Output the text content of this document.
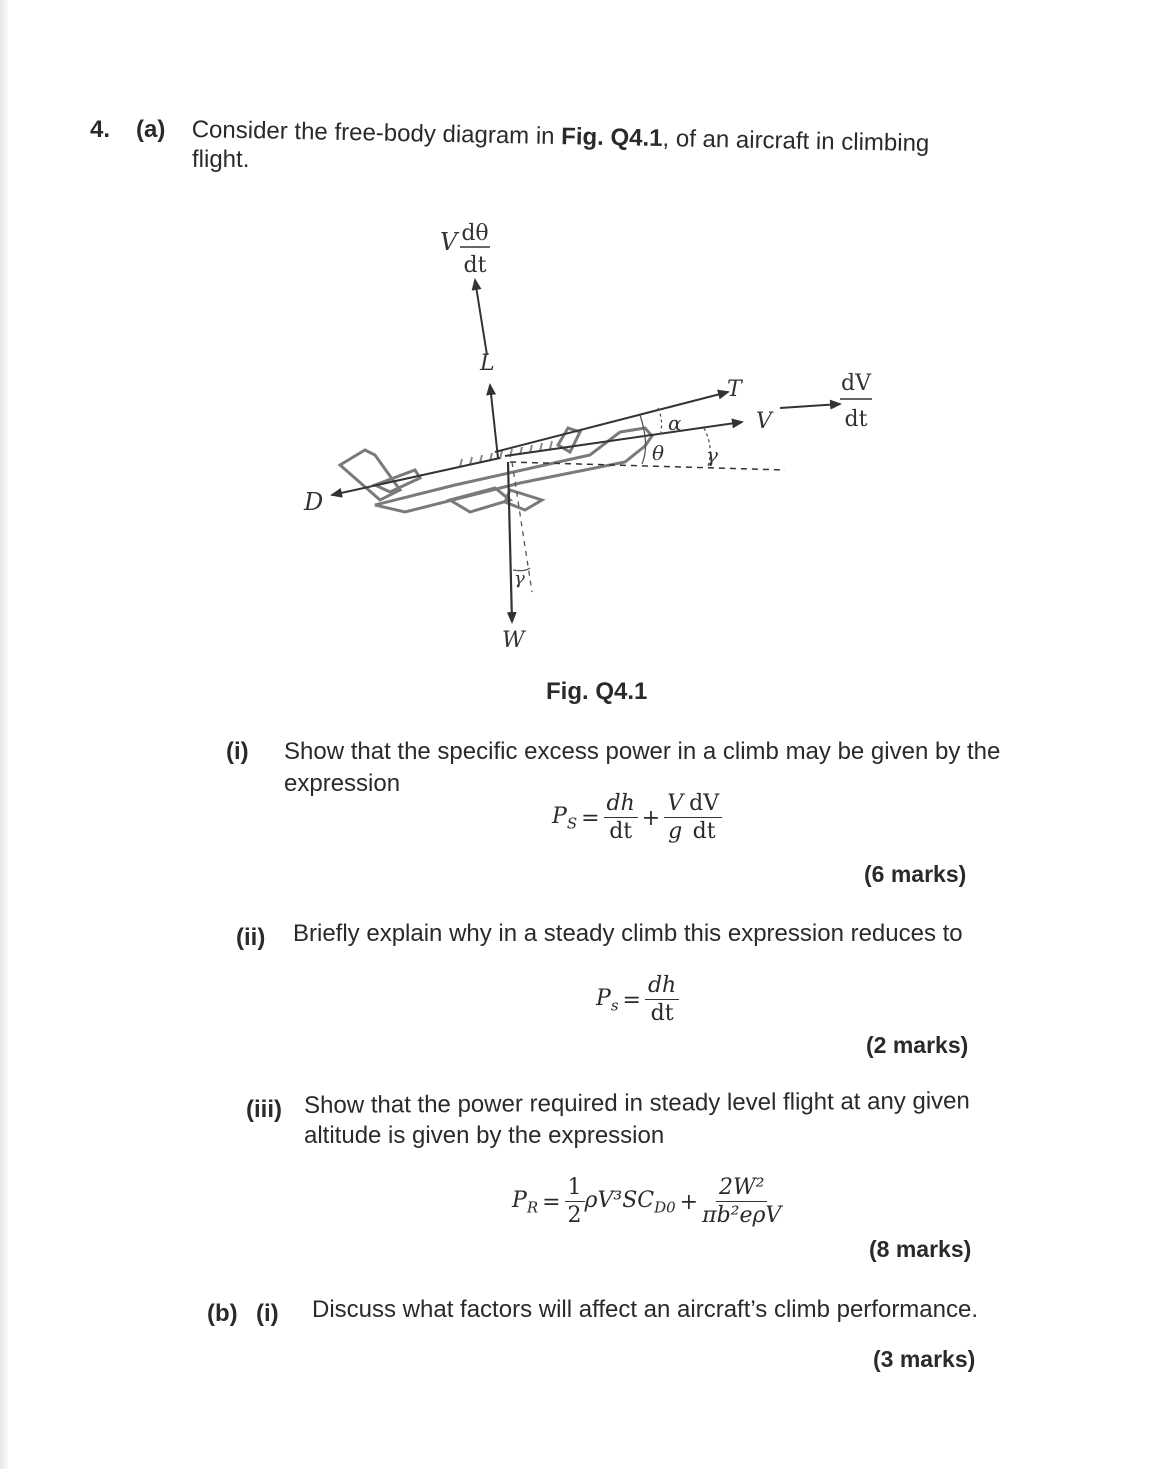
4. (a) Consider the free-body diagram in Fig. Q4.1, of an aircraft in climbing
flight.
V dθ
dt
L
T
V
dV
dt
α
θ γ
γ
D
W
Fig. Q4.1
(i) Show that the specific excess power in a climb may be given by the
expression
$P_S = \frac{dh}{dt} + \frac{V}{g} \frac{dV}{dt}$
(6 marks)
(ii) Briefly explain why in a steady climb this expression reduces to
$P_s = \frac{dh}{dt}$
(2 marks)
(iii) Show that the power required in steady level flight at any given
altitude is given by the expression
$P_R = \frac{1}{2} \rho V^3SC_{D0} + \frac{\text{2W²}}{\text{πb²eρV}}$
(8 marks)
(b) (i) Discuss what factors will affect an aircraft’s climb performance.
(3 marks)
